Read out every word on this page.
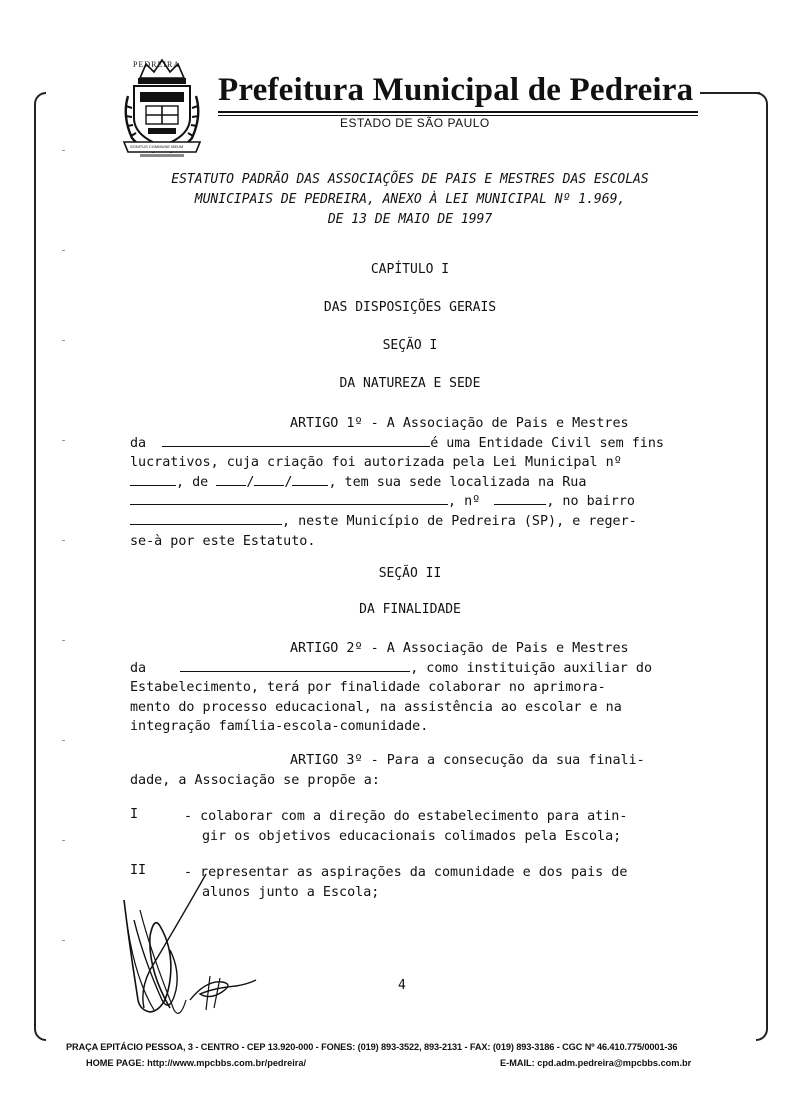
PEDREIRA
SONITUS COMMUNE MEUM
Prefeitura Municipal de Pedreira
ESTADO DE SÃO PAULO
ESTATUTO PADRÃO DAS ASSOCIAÇÕES DE PAIS E MESTRES DAS ESCOLAS
MUNICIPAIS DE PEDREIRA, ANEXO À LEI MUNICIPAL Nº 1.969,
DE 13 DE MAIO DE 1997
CAPÍTULO I
DAS DISPOSIÇÕES GERAIS
SEÇÃO I
DA NATUREZA E SEDE
ARTIGO 1º - A Associação de Pais e Mestres
da	é uma Entidade Civil sem fins
lucrativos, cuja criação foi autorizada pela Lei Municipal nº
, de	/ /	, tem sua sede localizada na Rua
, nº	, no bairro
, neste Município de Pedreira (SP), e reger-
se-à por este Estatuto.
SEÇÃO II
DA FINALIDADE
ARTIGO 2º - A Associação de Pais e Mestres
da	, como instituição auxiliar do
Estabelecimento, terá por finalidade colaborar no aprimora-
mento do processo educacional, na assistência ao escolar e na
integração família-escola-comunidade.
ARTIGO 3º - Para a consecução da sua finali-
dade, a Associação se propõe a:
I	- colaborar com a direção do estabelecimento para atin-
gir os objetivos educacionais colimados pela Escola;
II	- representar as aspirações da comunidade e dos pais de
alunos junto a Escola;
4
PRAÇA EPITÁCIO PESSOA, 3 - CENTRO - CEP 13.920-000 - FONES: (019) 893-3522, 893-2131 - FAX: (019) 893-3186 - CGC Nº 46.410.775/0001-36
HOME PAGE: http://www.mpcbbs.com.br/pedreira/	E-MAIL: cpd.adm.pedreira@mpcbbs.com.br
